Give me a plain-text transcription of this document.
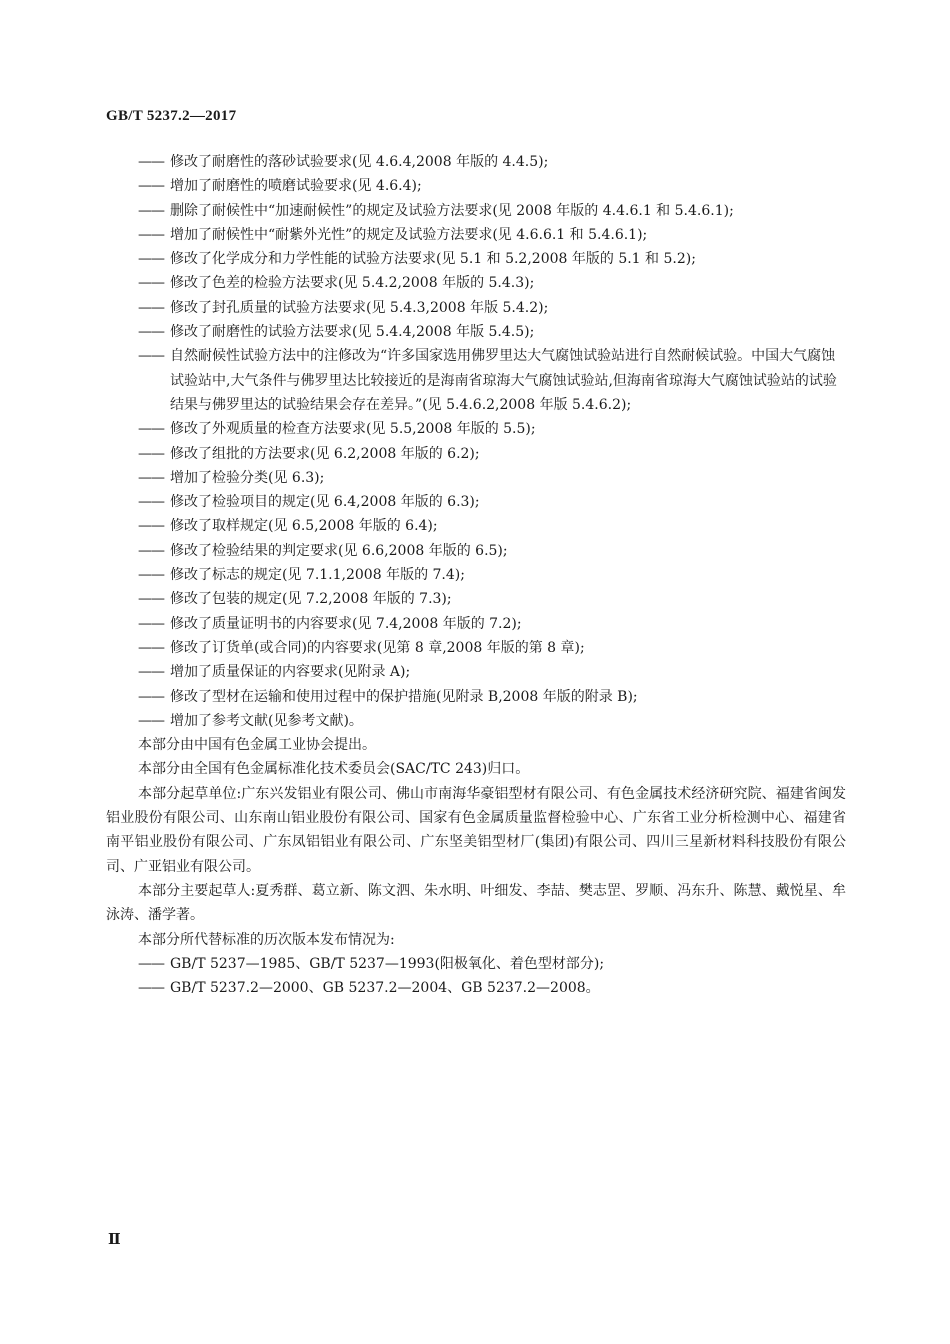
GB/T 5237.2—2017

—— 修改了耐磨性的落砂试验要求(见 4.6.4,2008 年版的 4.4.5);

—— 增加了耐磨性的喷磨试验要求(见 4.6.4);

—— 删除了耐候性中“加速耐候性”的规定及试验方法要求(见 2008 年版的 4.4.6.1 和 5.4.6.1);

—— 增加了耐候性中“耐紫外光性”的规定及试验方法要求(见 4.6.6.1 和 5.4.6.1);

—— 修改了化学成分和力学性能的试验方法要求(见 5.1 和 5.2,2008 年版的 5.1 和 5.2);

—— 修改了色差的检验方法要求(见 5.4.2,2008 年版的 5.4.3);

—— 修改了封孔质量的试验方法要求(见 5.4.3,2008 年版 5.4.2);

—— 修改了耐磨性的试验方法要求(见 5.4.4,2008 年版 5.4.5);

—— 自然耐候性试验方法中的注修改为“许多国家选用佛罗里达大气腐蚀试验站进行自然耐候试验。中国大气腐蚀试验站中,大气条件与佛罗里达比较接近的是海南省琼海大气腐蚀试验站,但海南省琼海大气腐蚀试验站的试验结果与佛罗里达的试验结果会存在差异。”(见 5.4.6.2,2008 年版 5.4.6.2);

—— 修改了外观质量的检查方法要求(见 5.5,2008 年版的 5.5);

—— 修改了组批的方法要求(见 6.2,2008 年版的 6.2);

—— 增加了检验分类(见 6.3);

—— 修改了检验项目的规定(见 6.4,2008 年版的 6.3);

—— 修改了取样规定(见 6.5,2008 年版的 6.4);

—— 修改了检验结果的判定要求(见 6.6,2008 年版的 6.5);

—— 修改了标志的规定(见 7.1.1,2008 年版的 7.4);

—— 修改了包装的规定(见 7.2,2008 年版的 7.3);

—— 修改了质量证明书的内容要求(见 7.4,2008 年版的 7.2);

—— 修改了订货单(或合同)的内容要求(见第 8 章,2008 年版的第 8 章);

—— 增加了质量保证的内容要求(见附录 A);

—— 修改了型材在运输和使用过程中的保护措施(见附录 B,2008 年版的附录 B);

—— 增加了参考文献(见参考文献)。

本部分由中国有色金属工业协会提出。

本部分由全国有色金属标准化技术委员会(SAC/TC 243)归口。

本部分起草单位:广东兴发铝业有限公司、佛山市南海华豪铝型材有限公司、有色金属技术经济研究院、福建省闽发铝业股份有限公司、山东南山铝业股份有限公司、国家有色金属质量监督检验中心、广东省工业分析检测中心、福建省南平铝业股份有限公司、广东凤铝铝业有限公司、广东坚美铝型材厂(集团)有限公司、四川三星新材料科技股份有限公司、广亚铝业有限公司。

本部分主要起草人:夏秀群、葛立新、陈文泗、朱水明、叶细发、李喆、樊志罡、罗顺、冯东升、陈慧、戴悦星、牟泳涛、潘学著。

本部分所代替标准的历次版本发布情况为:

—— GB/T 5237—1985、GB/T 5237—1993(阳极氧化、着色型材部分);

—— GB/T 5237.2—2000、GB 5237.2—2004、GB 5237.2—2008。

Ⅱ
